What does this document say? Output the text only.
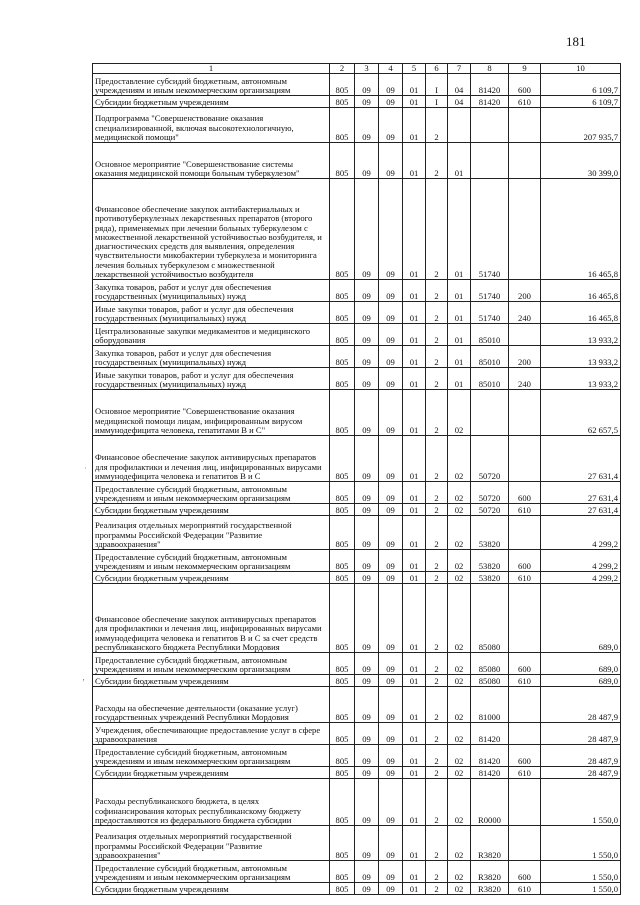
181
1	2	3	4	5	6	7	8	9	10
Предоставление субсидий бюджетным, автономным учреждениям и иным некоммерческим организациям	805	09	09	01	I	04	81420	600	6 109,7
Субсидии бюджетным учреждениям	805	09	09	01	I	04	81420	610	6 109,7
Подпрограмма "Совершенствование оказания специализированной, включая высокотехнологичную, медицинской помощи"	805	09	09	01	2				207 935,7
Основное мероприятие "Совершенствование системы оказания медицинской помощи больным туберкулезом"	805	09	09	01	2	01			30 399,0
Финансовое обеспечение закупок антибактериальных и противотуберкулезных лекарственных препаратов (второго ряда), применяемых при лечении больных туберкулезом с множественной лекарственной устойчивостью возбудителя, и диагностических средств для выявления, определения чувствительности микобактерии туберкулеза и мониторинга лечения больных туберкулезом с множественной лекарственной устойчивостью возбудителя	805	09	09	01	2	01	51740		16 465,8
Закупка товаров, работ и услуг для обеспечения государственных (муниципальных) нужд	805	09	09	01	2	01	51740	200	16 465,8
Иные закупки товаров, работ и услуг для обеспечения государственных (муниципальных) нужд	805	09	09	01	2	01	51740	240	16 465,8
Централизованные закупки медикаментов и медицинского оборудования	805	09	09	01	2	01	85010		13 933,2
Закупка товаров, работ и услуг для обеспечения государственных (муниципальных) нужд	805	09	09	01	2	01	85010	200	13 933,2
Иные закупки товаров, работ и услуг для обеспечения государственных (муниципальных) нужд	805	09	09	01	2	01	85010	240	13 933,2
Основное мероприятие "Совершенствование оказания медицинской помощи лицам, инфицированным вирусом иммунодефицита человека, гепатитами В и С"	805	09	09	01	2	02			62 657,5
Финансовое обеспечение закупок антивирусных препаратов для профилактики и лечения лиц, инфицированных вирусами иммунодефицита человека и гепатитов В и С	805	09	09	01	2	02	50720		27 631,4
Предоставление субсидий бюджетным, автономным учреждениям и иным некоммерческим организациям	805	09	09	01	2	02	50720	600	27 631,4
Субсидии бюджетным учреждениям	805	09	09	01	2	02	50720	610	27 631,4
Реализация отдельных мероприятий государственной программы Российской Федерации "Развитие здравоохранения"	805	09	09	01	2	02	53820		4 299,2
Предоставление субсидий бюджетным, автономным учреждениям и иным некоммерческим организациям	805	09	09	01	2	02	53820	600	4 299,2
Субсидии бюджетным учреждениям	805	09	09	01	2	02	53820	610	4 299,2
Финансовое обеспечение закупок антивирусных препаратов для профилактики и лечения лиц, инфицированных вирусами иммунодефицита человека и гепатитов В и С за счет средств республиканского бюджета Республики Мордовия	805	09	09	01	2	02	85080		689,0
Предоставление субсидий бюджетным, автономным учреждениям и иным некоммерческим организациям	805	09	09	01	2	02	85080	600	689,0
Субсидии бюджетным учреждениям	805	09	09	01	2	02	85080	610	689,0
Расходы на обеспечение деятельности (оказание услуг) государственных учреждений Республики Мордовия	805	09	09	01	2	02	81000		28 487,9
Учреждения, обеспечивающие предоставление услуг в сфере здравоохранения	805	09	09	01	2	02	81420		28 487,9
Предоставление субсидий бюджетным, автономным учреждениям и иным некоммерческим организациям	805	09	09	01	2	02	81420	600	28 487,9
Субсидии бюджетным учреждениям	805	09	09	01	2	02	81420	610	28 487,9
Расходы республиканского бюджета, в целях софинансирования которых республиканскому бюджету предоставляются из федерального бюджета субсидии	805	09	09	01	2	02	R0000		1 550,0
Реализация отдельных мероприятий государственной программы Российской Федерации "Развитие здравоохранения"	805	09	09	01	2	02	R3820		1 550,0
Предоставление субсидий бюджетным, автономным учреждениям и иным некоммерческим организациям	805	09	09	01	2	02	R3820	600	1 550,0
Субсидии бюджетным учреждениям	805	09	09	01	2	02	R3820	610	1 550,0
˙
‚
